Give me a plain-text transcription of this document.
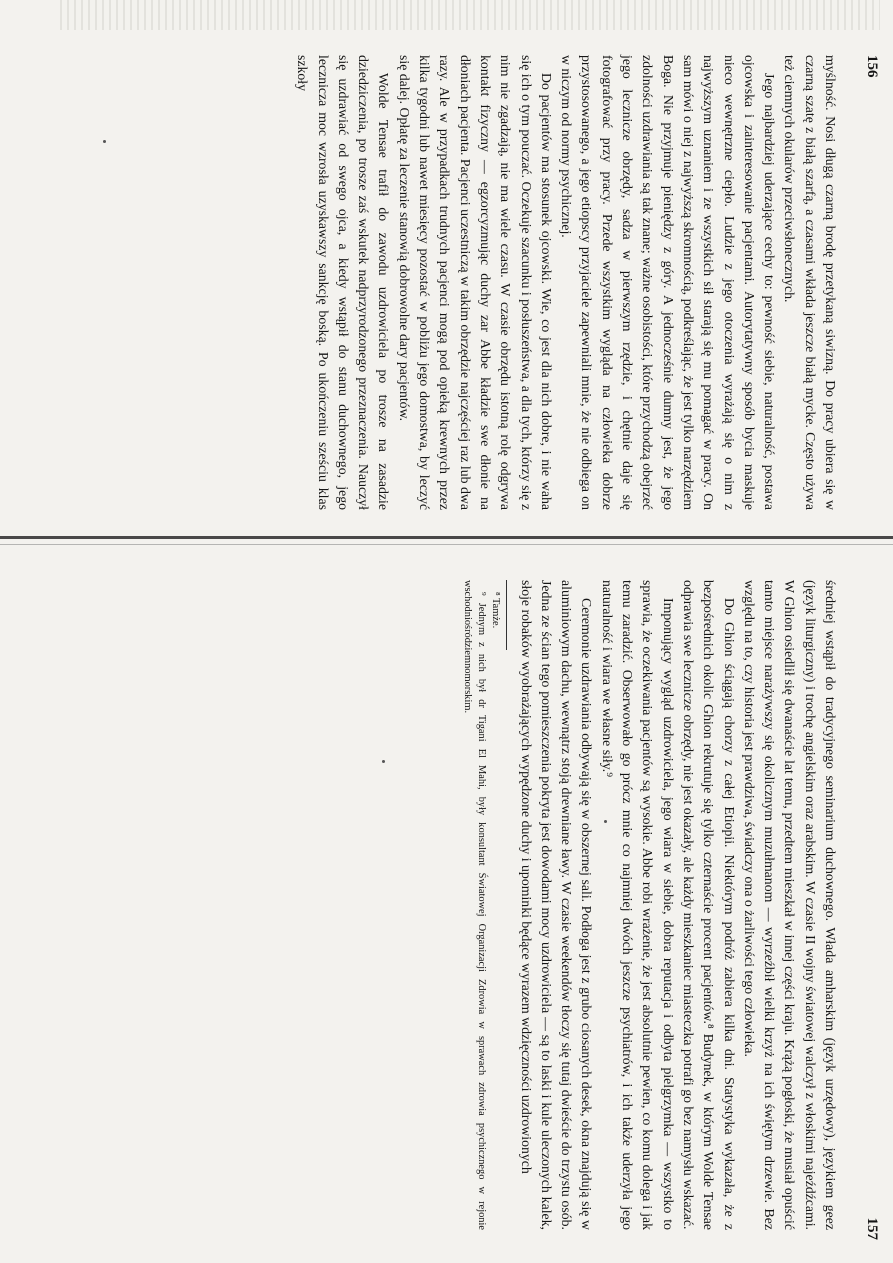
156

myślność. Nosi długą czarną brodę przetykaną siwizną. Do pracy ubiera się w czarną szatę z białą szarfą, a czasami wkłada jeszcze białą mycke. Często używa też ciemnych okularów przeciwsłonecznych.

Jego najbardziej uderzające cechy to: pewność siebie, naturalność, postawa ojcowska i zainteresowanie pacjentami. Autorytatywny sposób bycia maskuje nieco wewnętrzne ciepło. Ludzie z jego otoczenia wyrażają się o nim z najwyższym uznaniem i ze wszystkich sił starają się mu pomagać w pracy. On sam mówi o niej z najwyższą skromnością, podkreślając, że jest tylko narzędziem Boga. Nie przyjmuje pieniędzy z góry. A jednocześnie dumny jest, że jego zdolności uzdrawiania są tak znane; ważne osobistości, które przychodzą obejrzeć jego lecznicze obrzędy, sadza w pierwszym rzędzie, i chętnie daje się fotografować przy pracy. Przede wszystkim wygląda na człowieka dobrze przystosowanego, a jego etiopscy przyjaciele zapewniali mnie, że nie odbiega on w niczym od normy psychicznej.

Do pacjentów ma stosunek ojcowski. Wie, co jest dla nich dobre, i nie waha się ich o tym pouczać. Oczekuje szacunku i posłuszeństwa, a dla tych, którzy się z nim nie zgadzają, nie ma wiele czasu. W czasie obrzędu istotną rolę odgrywa kontakt fizyczny — egzorcyzmując duchy zar Abbe kładzie swe dłonie na dłoniach pacjenta. Pacjenci uczestniczą w takim obrzędzie najczęściej raz lub dwa razy. Ale w przypadkach trudnych pacjenci mogą pod opieką krewnych przez kilka tygodni lub nawet miesięcy pozostać w pobliżu jego domostwa, by leczyć się dalej. Opłatę za leczenie stanowią dobrowolne dary pacjentów.

Wolde Tensae trafił do zawodu uzdrowiciela po trosze na zasadzie dziedziczenia, po trosze zaś wskutek nadprzyrodzonego przeznaczenia. Nauczył się uzdrawiać od swego ojca, a kiedy wstąpił do stanu duchownego, jego lecznicza moc wzrosła uzyskawszy sankcję boską. Po ukończeniu sześciu klas szkoły

157

średniej wstąpił do tradycyjnego seminarium duchownego. Włada amharskim (język urzędowy), językiem geez (język liturgiczny) i trochę angielskim oraz arabskim. W czasie II wojny światowej walczył z włoskimi najeźdźcami. W Ghion osiedlił się dwanaście lat temu, przedtem mieszkał w innej części kraju. Krążą pogłoski, że musiał opuścić tamto miejsce narażywszy się okolicznym muzułmanom — wyrzeźbił wielki krzyż na ich świętym drzewie. Bez względu na to, czy historia jest prawdziwa, świadczy ona o żarliwości tego człowieka.

Do Ghion ściągają chorzy z całej Etiopii. Niektórym podróż zabiera kilka dni. Statystyka wykazała, że z bezpośrednich okolic Ghion rekrutuje się tylko czternaście procent pacjentów.⁸ Budynek, w którym Wolde Tensae odprawia swe lecznicze obrzędy, nie jest okazały, ale każdy mieszkaniec miasteczka potrafi go bez namysłu wskazać.

Imponujący wygląd uzdrowiciela, jego wiara w siebie, dobra reputacja i odbyta pielgrzymka — wszystko to sprawia, że oczekiwania pacjentów są wysokie. Abbe robi wrażenie, że jest absolutnie pewien, co komu dolega i jak temu zaradzić. Obserwowało go prócz mnie co najmniej dwóch jeszcze psychiatrów, i ich także uderzyła jego naturalność i wiara we własne siły.⁹

Ceremonie uzdrawiania odbywają się w obszernej sali. Podłoga jest z grubo ciosanych desek, okna znajdują się w aluminiowym dachu, wewnątrz stoją drewniane ławy. W czasie weekendów tłoczy się tutaj dwieście do trzystu osób. Jedna ze ścian tego pomieszczenia pokryta jest dowodami mocy uzdrowiciela — są to laski i kule uleczonych kalek, słoje robaków wyobrażających wypędzone duchy i upominki będące wyrazem wdzięczności uzdrowionych

⁸ Tamże.

⁹ Jednym z nich był dr Tigani El Mahi, były konsultant Światowej Organizacji Zdrowia w sprawach zdrowia psychicznego w rejonie wschodniośródziemnomorskim.
